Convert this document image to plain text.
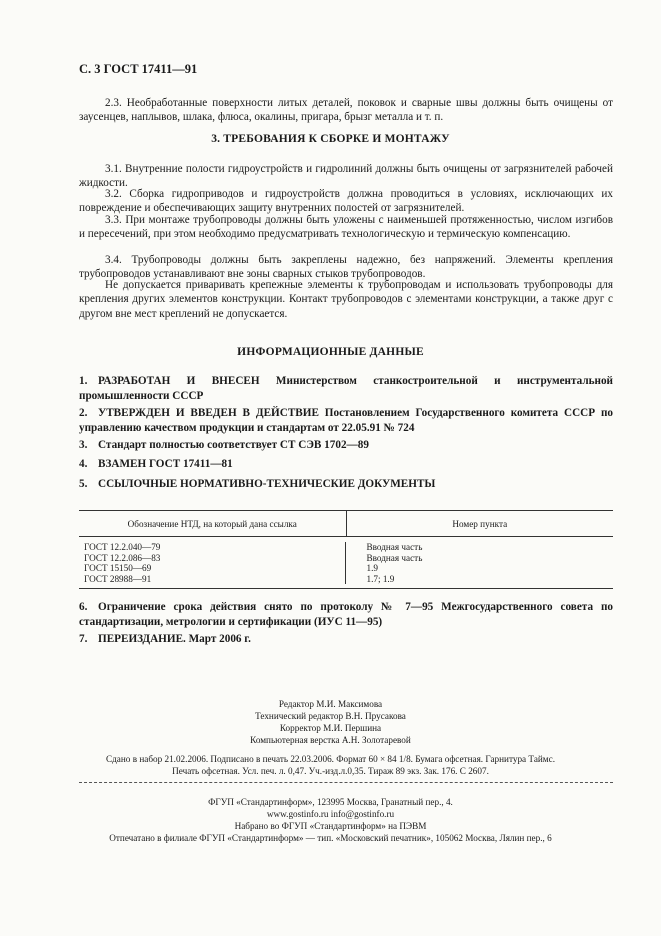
С. 3 ГОСТ 17411—91
2.3. Необработанные поверхности литых деталей, поковок и сварные швы должны быть очищены от заусенцев, наплывов, шлака, флюса, окалины, пригара, брызг металла и т. п.
3. ТРЕБОВАНИЯ К СБОРКЕ И МОНТАЖУ
3.1. Внутренние полости гидроустройств и гидролиний должны быть очищены от загрязнителей рабочей жидкости.
3.2. Сборка гидроприводов и гидроустройств должна проводиться в условиях, исключающих их повреждение и обеспечивающих защиту внутренних полостей от загрязнителей.
3.3. При монтаже трубопроводы должны быть уложены с наименьшей протяженностью, числом изгибов и пересечений, при этом необходимо предусматривать технологическую и термическую компенсацию.
3.4. Трубопроводы должны быть закреплены надежно, без напряжений. Элементы крепления трубопроводов устанавливают вне зоны сварных стыков трубопроводов.
Не допускается приваривать крепежные элементы к трубопроводам и использовать трубопроводы для крепления других элементов конструкции. Контакт трубопроводов с элементами конструкции, а также друг с другом вне мест креплений не допускается.
ИНФОРМАЦИОННЫЕ ДАННЫЕ
1. РАЗРАБОТАН И ВНЕСЕН Министерством станкостроительной и инструментальной промышленности СССР
2. УТВЕРЖДЕН И ВВЕДЕН В ДЕЙСТВИЕ Постановлением Государственного комитета СССР по управлению качеством продукции и стандартам от 22.05.91 № 724
3. Стандарт полностью соответствует СТ СЭВ 1702—89
4. ВЗАМЕН ГОСТ 17411—81
5. ССЫЛОЧНЫЕ НОРМАТИВНО-ТЕХНИЧЕСКИЕ ДОКУМЕНТЫ
Обозначение НТД, на который дана ссылка	Номер пункта
ГОСТ 12.2.040—79
ГОСТ 12.2.086—83
ГОСТ 15150—69
ГОСТ 28988—91
Вводная часть
Вводная часть
1.9
1.7; 1.9
6. Ограничение срока действия снято по протоколу № 7—95 Межгосударственного совета по стандартизации, метрологии и сертификации (ИУС 11—95)
7. ПЕРЕИЗДАНИЕ. Март 2006 г.
Редактор М.И. Максимова
Технический редактор В.Н. Прусакова
Корректор М.И. Першина
Компьютерная верстка А.Н. Золотаревой
Сдано в набор 21.02.2006. Подписано в печать 22.03.2006. Формат 60 × 84 1/8. Бумага офсетная. Гарнитура Таймс.
Печать офсетная. Усл. печ. л. 0,47. Уч.-изд.л.0,35. Тираж 89 экз. Зак. 176. С 2607.
ФГУП «Стандартинформ», 123995 Москва, Гранатный пер., 4.
www.gostinfo.ru info@gostinfo.ru
Набрано во ФГУП «Стандартинформ» на ПЭВМ
Отпечатано в филиале ФГУП «Стандартинформ» — тип. «Московский печатник», 105062 Москва, Лялин пер., 6
